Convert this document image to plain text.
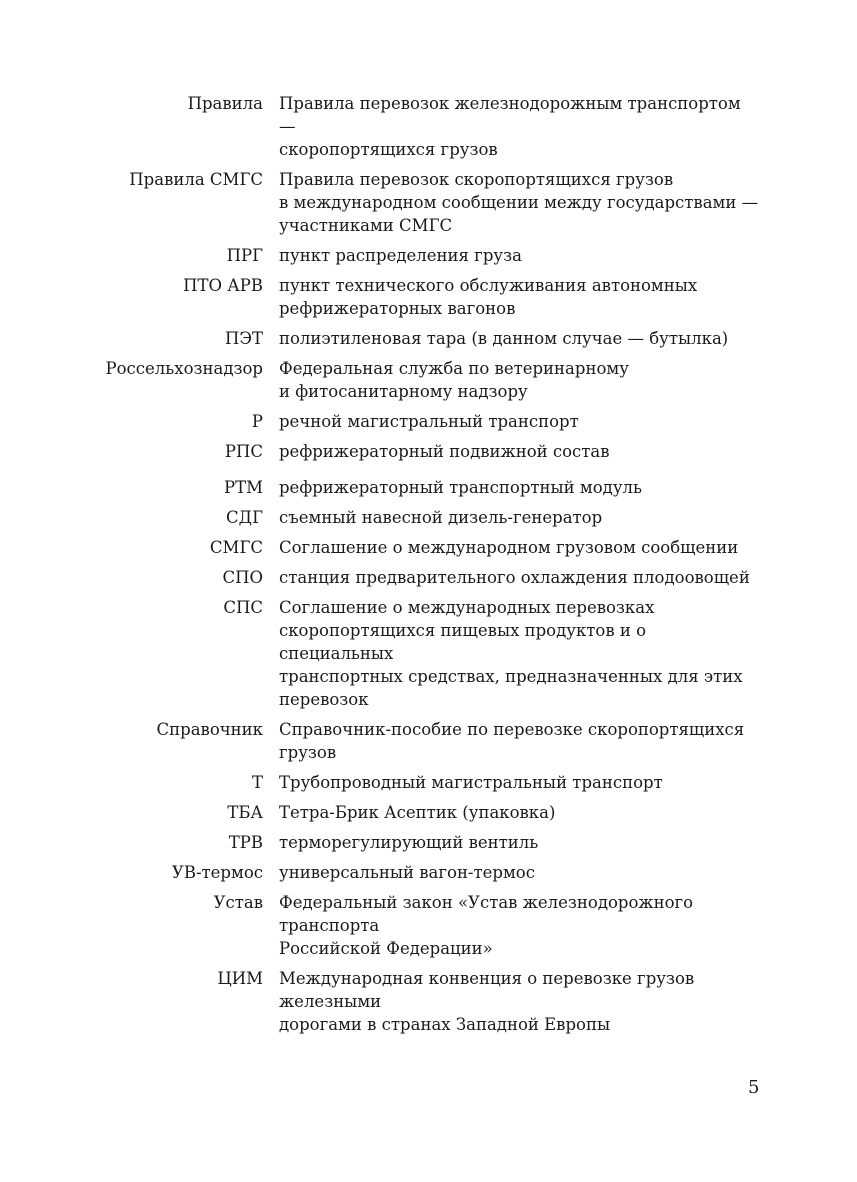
Правила Правила перевозок железнодорожным транспортом —
скоропортящихся грузов
Правила СМГС Правила перевозок скоропортящихся грузов
в международном сообщении между государствами —
участниками СМГС
ПРГ пункт распределения груза
ПТО АРВ пункт технического обслуживания автономных
рефрижераторных вагонов
ПЭТ полиэтиленовая тара (в данном случае — бутылка)
Россельхознадзор Федеральная служба по ветеринарному
и фитосанитарному надзору
Р речной магистральный транспорт
РПС рефрижераторный подвижной состав
РТМ рефрижераторный транспортный модуль
СДГ съемный навесной дизель-генератор
СМГС Соглашение о международном грузовом сообщении
СПО станция предварительного охлаждения плодоовощей
СПС Соглашение о международных перевозках
скоропортящихся пищевых продуктов и о специальных
транспортных средствах, предназначенных для этих
перевозок
Справочник Справочник-пособие по перевозке скоропортящихся
грузов
Т Трубопроводный магистральный транспорт
ТБА Тетра-Брик Асептик (упаковка)
ТРВ терморегулирующий вентиль
УВ-термос универсальный вагон-термос
Устав Федеральный закон «Устав железнодорожного транспорта
Российской Федерации»
ЦИМ Международная конвенция о перевозке грузов железными
дорогами в странах Западной Европы
5
